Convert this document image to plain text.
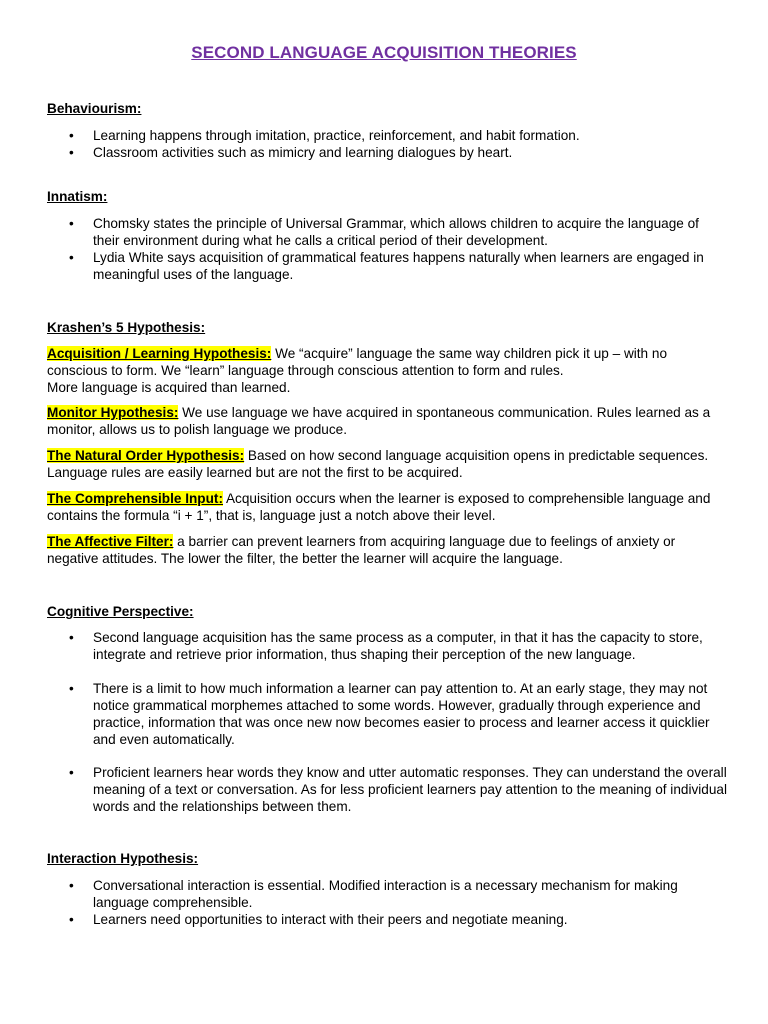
SECOND LANGUAGE ACQUISITION THEORIES
Behaviourism:
• Learning happens through imitation, practice, reinforcement, and habit formation.
• Classroom activities such as mimicry and learning dialogues by heart.
Innatism:
• Chomsky states the principle of Universal Grammar, which allows children to acquire the language of their environment during what he calls a critical period of their development.
• Lydia White says acquisition of grammatical features happens naturally when learners are engaged in meaningful uses of the language.
Krashen’s 5 Hypothesis:

Acquisition / Learning Hypothesis: We “acquire” language the same way children pick it up – with no conscious to form. We “learn” language through conscious attention to form and rules.
More language is acquired than learned.

Monitor Hypothesis: We use language we have acquired in spontaneous communication. Rules learned as a monitor, allows us to polish language we produce.

The Natural Order Hypothesis: Based on how second language acquisition opens in predictable sequences. Language rules are easily learned but are not the first to be acquired.

The Comprehensible Input: Acquisition occurs when the learner is exposed to comprehensible language and contains the formula “i + 1”, that is, language just a notch above their level.

The Affective Filter: a barrier can prevent learners from acquiring language due to feelings of anxiety or negative attitudes. The lower the filter, the better the learner will acquire the language.

Cognitive Perspective:
• Second language acquisition has the same process as a computer, in that it has the capacity to store, integrate and retrieve prior information, thus shaping their perception of the new language.
• There is a limit to how much information a learner can pay attention to. At an early stage, they may not notice grammatical morphemes attached to some words. However, gradually through experience and practice, information that was once new now becomes easier to process and learner access it quicklier and even automatically.
• Proficient learners hear words they know and utter automatic responses. They can understand the overall meaning of a text or conversation. As for less proficient learners pay attention to the meaning of individual words and the relationships between them.
Interaction Hypothesis:
• Conversational interaction is essential. Modified interaction is a necessary mechanism for making language comprehensible.
• Learners need opportunities to interact with their peers and negotiate meaning.
